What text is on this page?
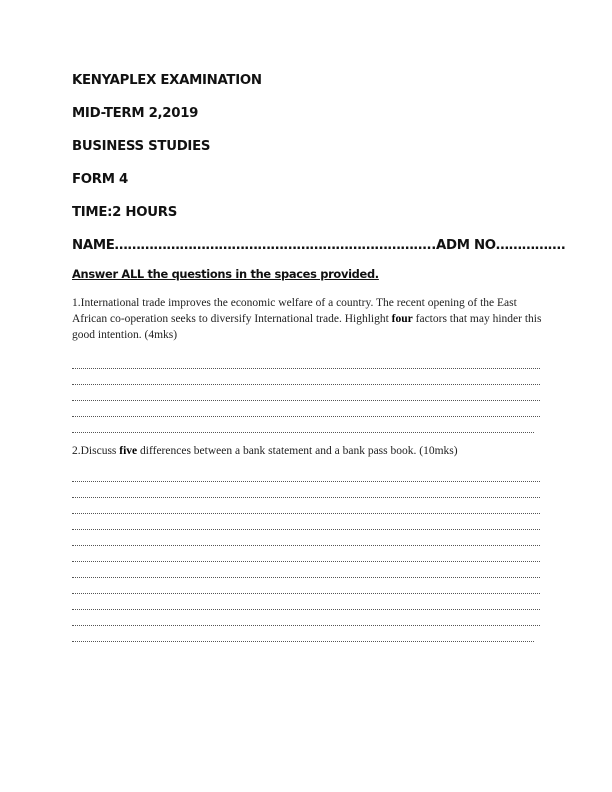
KENYAPLEX EXAMINATION
MID-TERM 2,2019
BUSINESS STUDIES
FORM 4
TIME:2 HOURS
NAME………………………………………………………………..ADM NO…………….
Answer ALL the questions in the spaces provided.
1.International trade improves the economic welfare of a country. The recent opening of the East African co-operation seeks to diversify International trade. Highlight four factors that may hinder this good intention. (4mks)
2.Discuss five differences between a bank statement and a bank pass book. (10mks)
